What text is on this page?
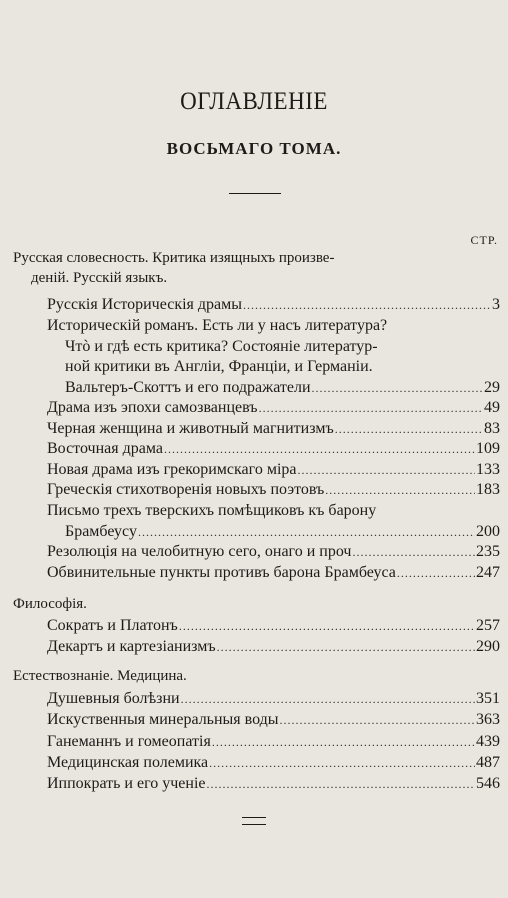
ОГЛАВЛЕНІЕ
ВОСЬМАГО ТОМА.
СТР.
Русская словесность. Критика изящныхъ произве-
деній. Русскій языкъ.
Русскія Историческія драмы .....	3
Историческій романъ. Есть ли у насъ литература?
Чтò и гдѣ есть критика? Состояніе литератур-
ной критики въ Англіи, Франціи, и Германіи.
Вальтеръ-Скоттъ и его подражатели .....	29
Драма изъ эпохи самозванцевъ .....	49
Черная женщина и животный магнитизмъ .....	83
Восточная драма .....	109
Новая драма изъ грекоримскаго міра .....	133
Греческія стихотворенія новыхъ поэтовъ .....	183
Письмо трехъ тверскихъ помѣщиковъ къ барону
Брамбеусу .....	200
Резолюція на челобитную сего, онаго и проч .....	235
Обвинительные пункты противъ барона Брамбеуса .....	247
Философія.
Сократъ и Платонъ .....	257
Декартъ и картезіанизмъ .....	290
Естествознаніе. Медицина.
Душевныя болѣзни .....	351
Искуственныя минеральныя воды .....	363
Ганеманнъ и гомеопатія .....	439
Медицинская полемика .....	487
Иппократь и его ученіе .....	546
